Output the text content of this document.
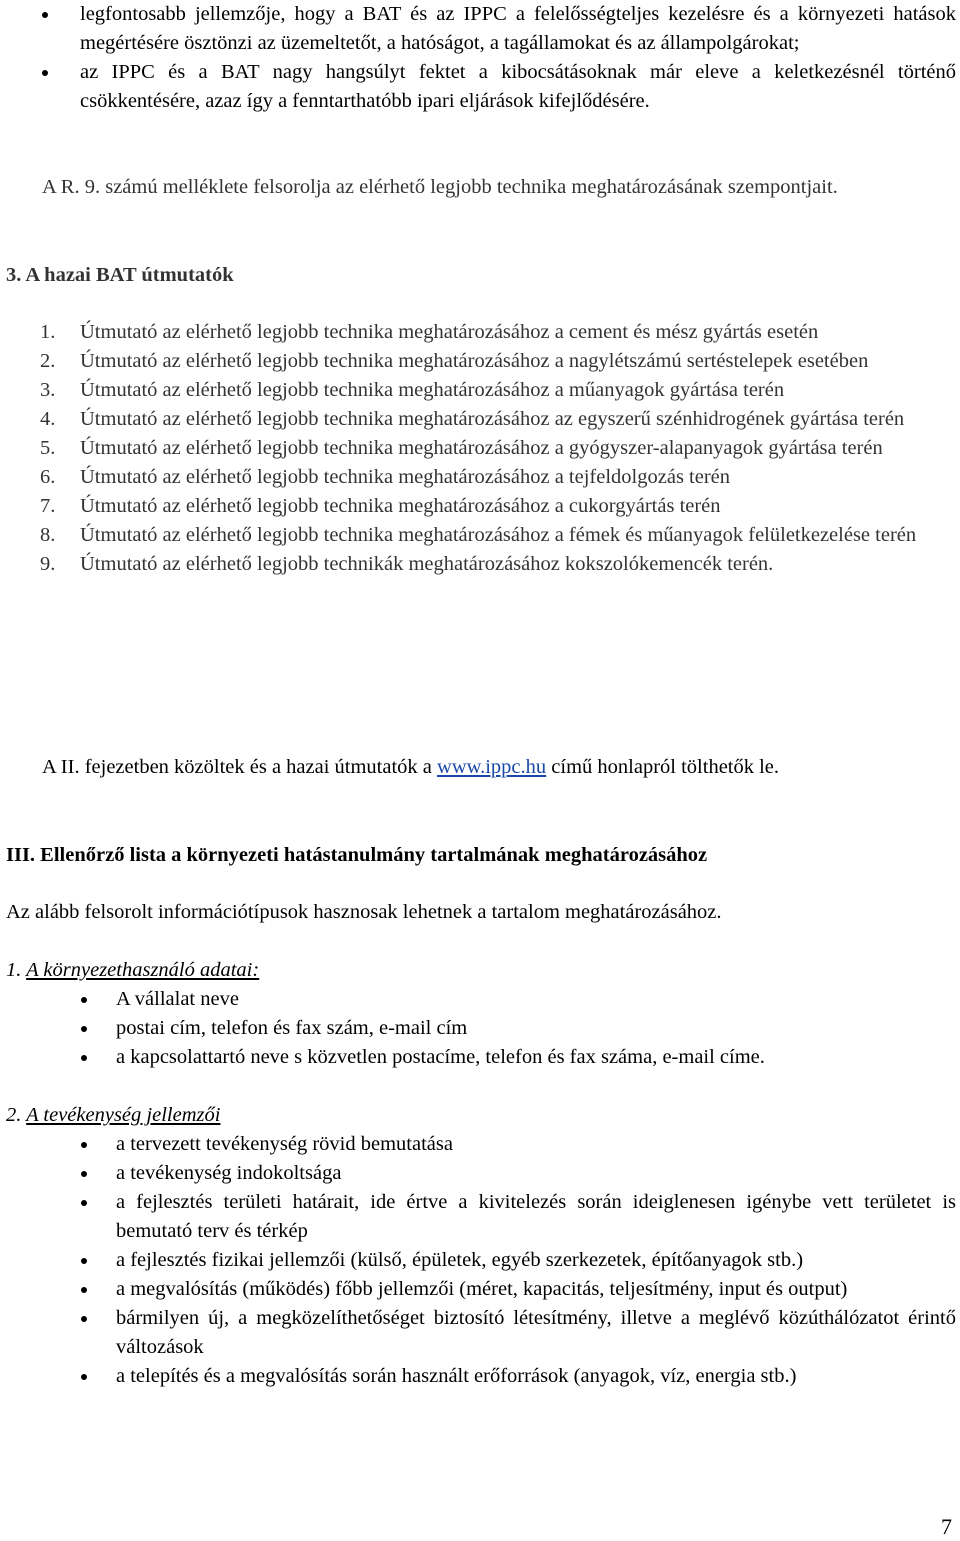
legfontosabb jellemzője, hogy a BAT és az IPPC a felelősségteljes kezelésre és a környezeti hatások megértésére ösztönzi az üzemeltetőt, a hatóságot, a tagállamokat és az állampolgárokat;
az IPPC és a BAT nagy hangsúlyt fektet a kibocsátásoknak már eleve a keletkezésnél történő csökkentésére, azaz így a fenntarthatóbb ipari eljárások kifejlődésére.
A R. 9. számú melléklete felsorolja az elérhető legjobb technika meghatározásának szempontjait.
3. A hazai BAT útmutatók
1. Útmutató az elérhető legjobb technika meghatározásához a cement és mész gyártás esetén
2. Útmutató az elérhető legjobb technika meghatározásához a nagylétszámú sertéstelepek esetében
3. Útmutató az elérhető legjobb technika meghatározásához a műanyagok gyártása terén
4. Útmutató az elérhető legjobb technika meghatározásához az egyszerű szénhidrogének gyártása terén
5. Útmutató az elérhető legjobb technika meghatározásához a gyógyszer-alapanyagok gyártása terén
6. Útmutató az elérhető legjobb technika meghatározásához a tejfeldolgozás terén
7. Útmutató az elérhető legjobb technika meghatározásához a cukorgyártás terén
8. Útmutató az elérhető legjobb technika meghatározásához a fémek és műanyagok felületkezelése terén
9. Útmutató az elérhető legjobb technikák meghatározásához kokszolókemencék terén.
A II. fejezetben közöltek és a hazai útmutatók a www.ippc.hu című honlapról tölthetők le.
III. Ellenőrző lista a környezeti hatástanulmány tartalmának meghatározásához
Az alább felsorolt információtípusok hasznosak lehetnek a tartalom meghatározásához.
1. A környezethasználó adatai:
A vállalat neve
postai cím, telefon és fax szám, e-mail cím
a kapcsolattartó neve s közvetlen postacíme, telefon és fax száma, e-mail címe.
2. A tevékenység jellemzői
a tervezett tevékenység rövid bemutatása
a tevékenység indokoltsága
a fejlesztés területi határait, ide értve a kivitelezés során ideiglenesen igénybe vett területet is bemutató terv és térkép
a fejlesztés fizikai jellemzői (külső, épületek, egyéb szerkezetek, építőanyagok stb.)
a megvalósítás (működés) főbb jellemzői (méret, kapacitás, teljesítmény, input és output)
bármilyen új, a megközelíthetőséget biztosító létesítmény, illetve a meglévő közúthálózatot érintő változások
a telepítés és a megvalósítás során használt erőforrások (anyagok, víz, energia stb.)
7
